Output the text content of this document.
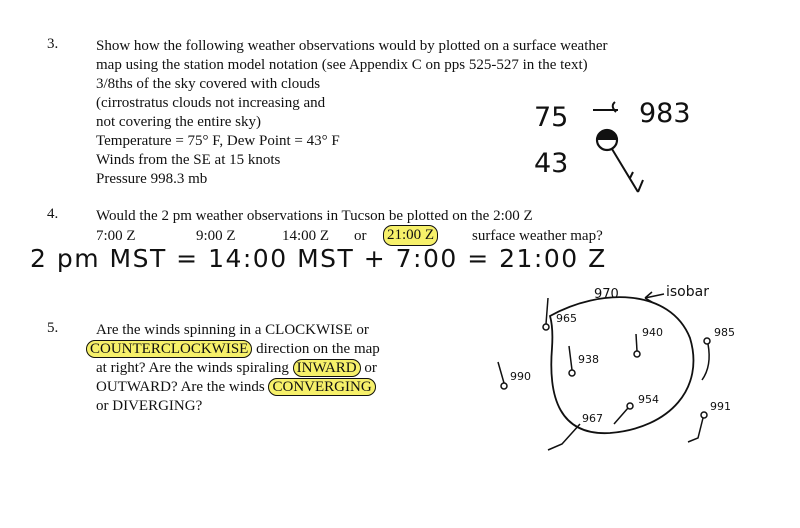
3.	Show how the following weather observations would by plotted on a surface weather
map using the station model notation (see Appendix C on pps 525-527 in the text)
3/8ths of the sky covered with clouds
(cirrostratus clouds not increasing and
not covering the entire sky)
Temperature = 75° F, Dew Point = 43° F
Winds from the SE at 15 knots
Pressure 998.3 mb
75
43
983
4.	Would the 2 pm weather observations in Tucson be plotted on the 2:00 Z
7:00 Z	9:00 Z	14:00 Z or 21:00 Z	surface weather map?
2 pm MST = 14:00 MST + 7:00 = 21:00 Z
5.	Are the winds spinning in a CLOCKWISE or
COUNTERCLOCKWISE direction on the map
at right? Are the winds spiraling INWARD or
OUTWARD? Are the winds CONVERGING
or DIVERGING?
970	isobar
965
940	985
990
938
954
967
991
